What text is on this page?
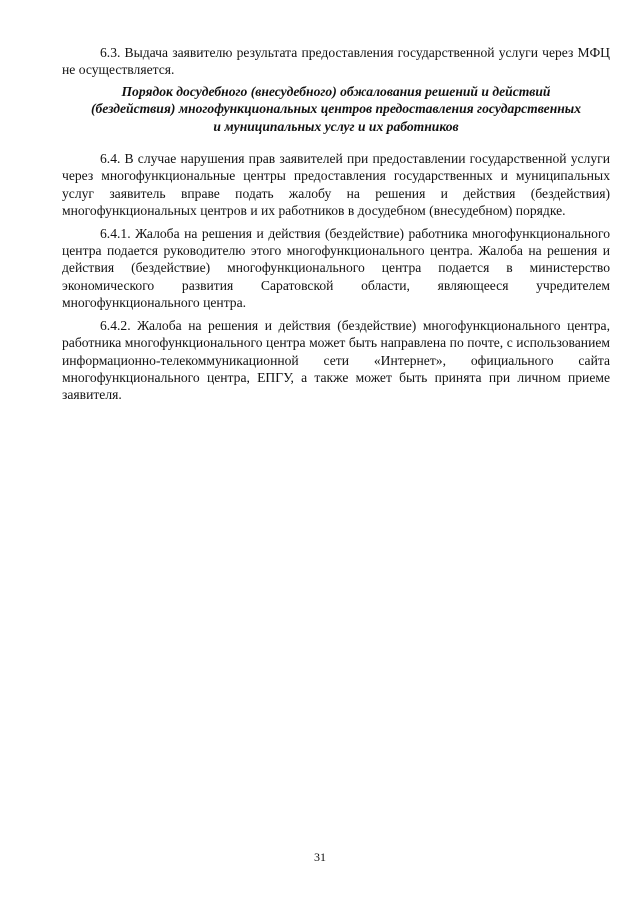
6.3. Выдача заявителю результата предоставления государственной услуги через МФЦ не осуществляется.

Порядок досудебного (внесудебного) обжалования решений и действий
(бездействия) многофункциональных центров предоставления государственных
и муниципальных услуг и их работников

6.4. В случае нарушения прав заявителей при предоставлении государственной услуги через многофункциональные центры предоставления государственных и муниципальных услуг заявитель вправе подать жалобу на решения и действия (бездействия) многофункциональных центров и их работников в досудебном (внесудебном) порядке.

6.4.1. Жалоба на решения и действия (бездействие) работника многофункционального центра подается руководителю этого многофункционального центра. Жалоба на решения и действия (бездействие) многофункционального центра подается в министерство экономического развития Саратовской области, являющееся учредителем многофункционального центра.

6.4.2. Жалоба на решения и действия (бездействие) многофункционального центра, работника многофункционального центра может быть направлена по почте, с использованием информационно-телекоммуникационной сети «Интернет», официального сайта многофункционального центра, ЕПГУ, а также может быть принята при личном приеме заявителя.

31
